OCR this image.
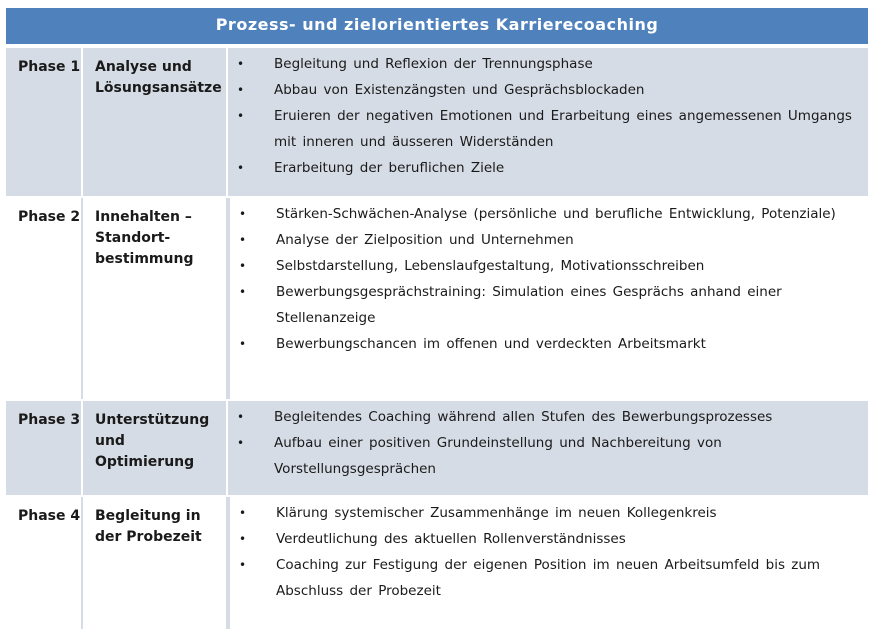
Prozess- und zielorientiertes Karrierecoaching
Phase 1	Analyse und Lösungsansätze
• Begleitung und Reflexion der Trennungsphase
• Abbau von Existenzängsten und Gesprächsblockaden
• Eruieren der negativen Emotionen und Erarbeitung eines angemessenen Umgangs mit inneren und äusseren Widerständen
• Erarbeitung der beruflichen Ziele
Phase 2	Innehalten – Standort-bestimmung
• Stärken-Schwächen-Analyse (persönliche und berufliche Entwicklung, Potenziale)
• Analyse der Zielposition und Unternehmen
• Selbstdarstellung, Lebenslaufgestaltung, Motivationsschreiben
• Bewerbungsgesprächstraining: Simulation eines Gesprächs anhand einer Stellenanzeige
• Bewerbungschancen im offenen und verdeckten Arbeitsmarkt
Phase 3	Unterstützung und Optimierung
• Begleitendes Coaching während allen Stufen des Bewerbungsprozesses
• Aufbau einer positiven Grundeinstellung und Nachbereitung von Vorstellungsgesprächen
Phase 4	Begleitung in der Probezeit
• Klärung systemischer Zusammenhänge im neuen Kollegenkreis
• Verdeutlichung des aktuellen Rollenverständnisses
• Coaching zur Festigung der eigenen Position im neuen Arbeitsumfeld bis zum Abschluss der Probezeit
